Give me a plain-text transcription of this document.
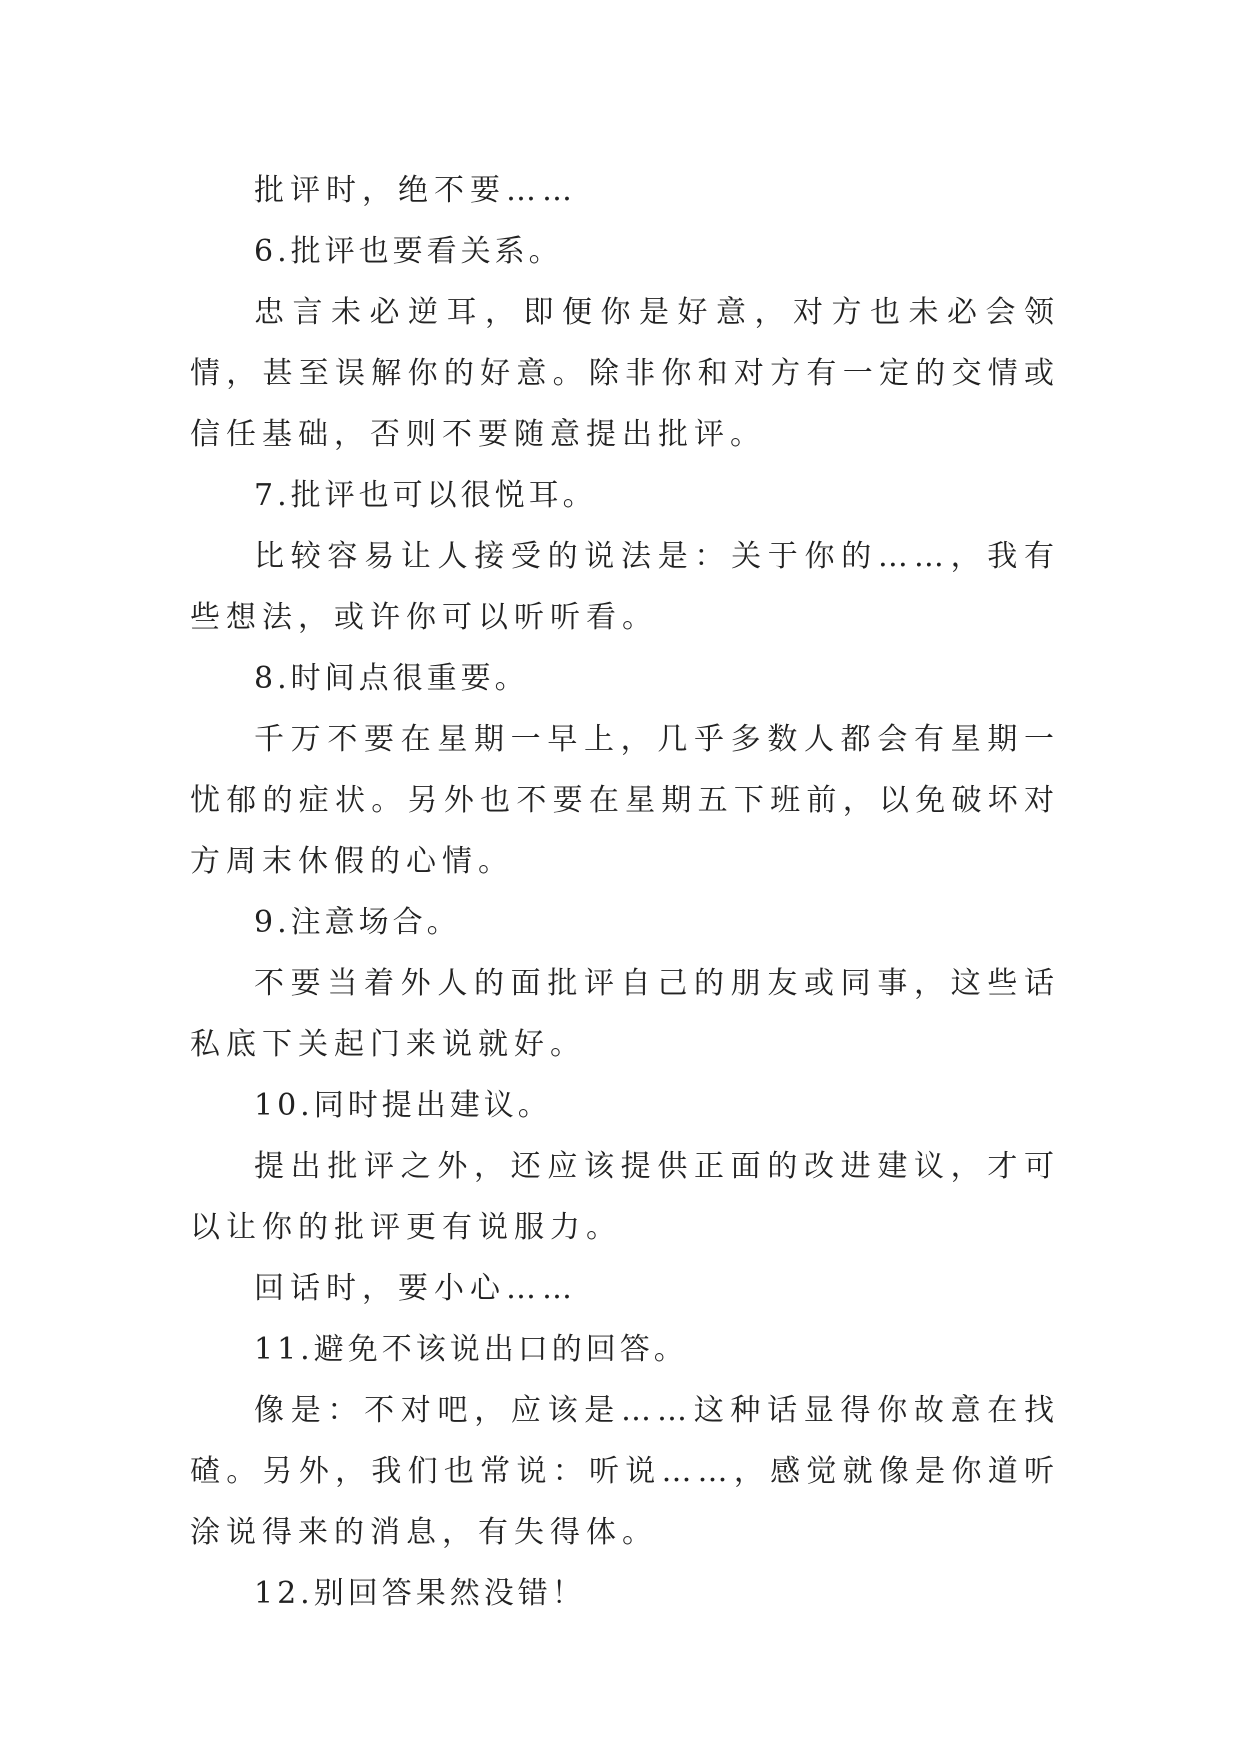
批评时，绝不要……

6.批评也要看关系。

忠言未必逆耳，即便你是好意，对方也未必会领情，甚至误解你的好意。除非你和对方有一定的交情或信任基础，否则不要随意提出批评。

7.批评也可以很悦耳。

比较容易让人接受的说法是：关于你的……，我有些想法，或许你可以听听看。

8.时间点很重要。

千万不要在星期一早上，几乎多数人都会有星期一忧郁的症状。另外也不要在星期五下班前，以免破坏对方周末休假的心情。

9.注意场合。

不要当着外人的面批评自己的朋友或同事，这些话私底下关起门来说就好。

10.同时提出建议。

提出批评之外，还应该提供正面的改进建议，才可以让你的批评更有说服力。

回话时，要小心……

11.避免不该说出口的回答。

像是：不对吧，应该是……这种话显得你故意在找碴。另外，我们也常说：听说……，感觉就像是你道听涂说得来的消息，有失得体。

12.别回答果然没错！
